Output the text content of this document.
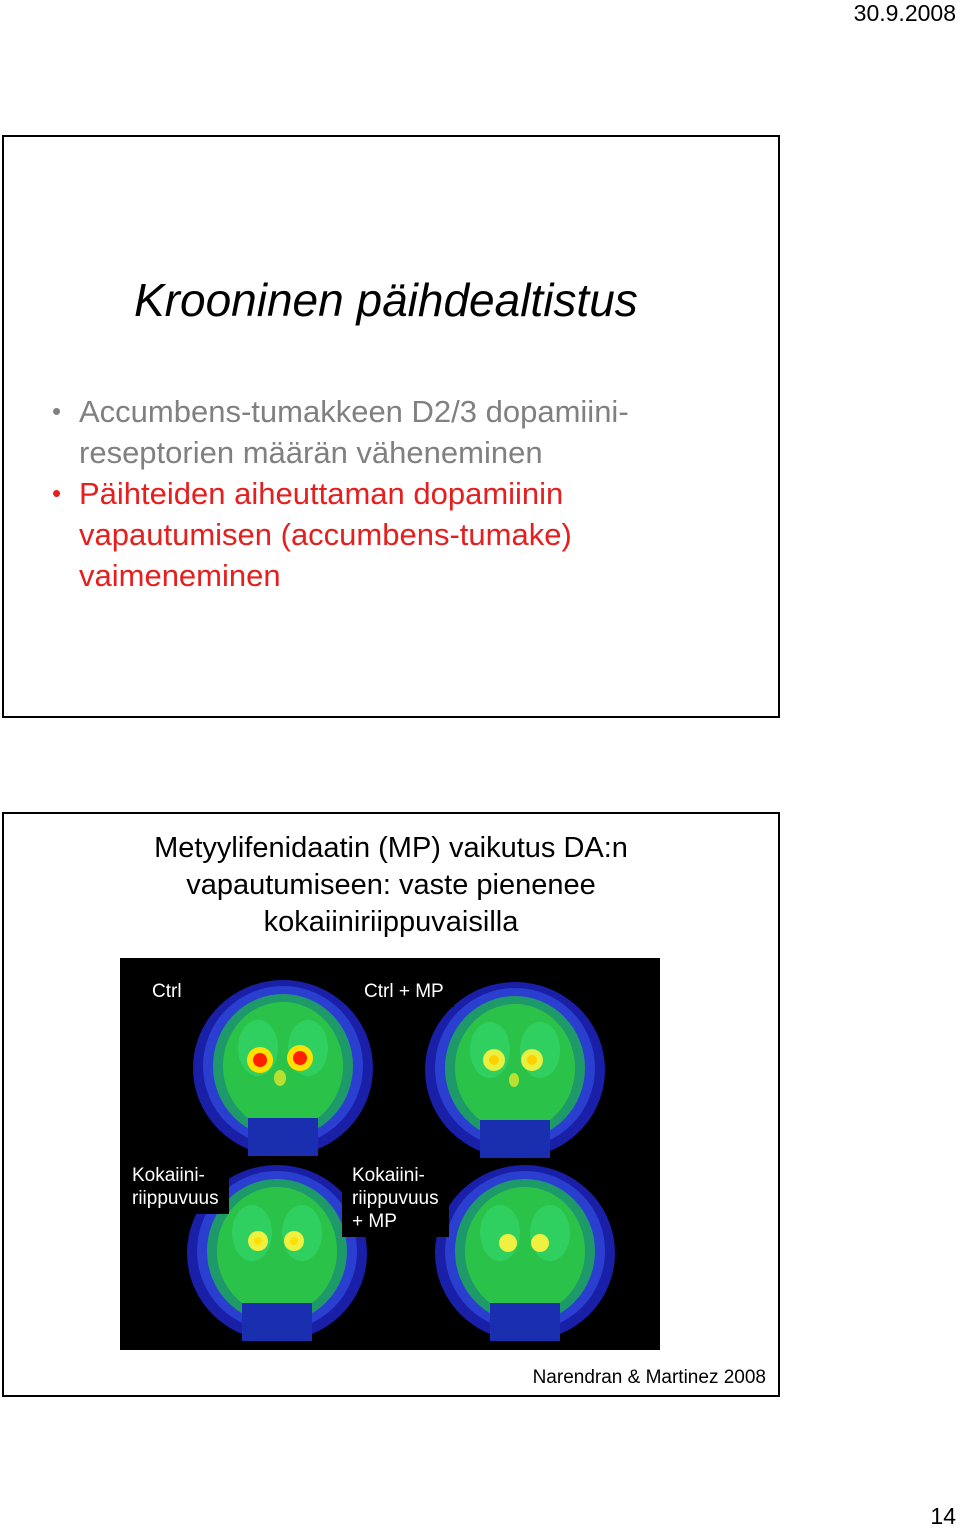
30.9.2008
Krooninen päihdealtistus
• Accumbens-tumakkeen D2/3 dopamiini-
reseptorien määrän väheneminen
• Päihteiden aiheuttaman dopamiinin
vapautumisen (accumbens-tumake)
vaimeneminen
Metyylifenidaatin (MP) vaikutus DA:n
vapautumiseen: vaste pienenee
kokaiiniriippuvaisilla
Ctrl	Ctrl + MP
Kokaiini-
riippuvuus
Kokaiini-
riippuvuus
+ MP
Narendran & Martinez 2008
14
